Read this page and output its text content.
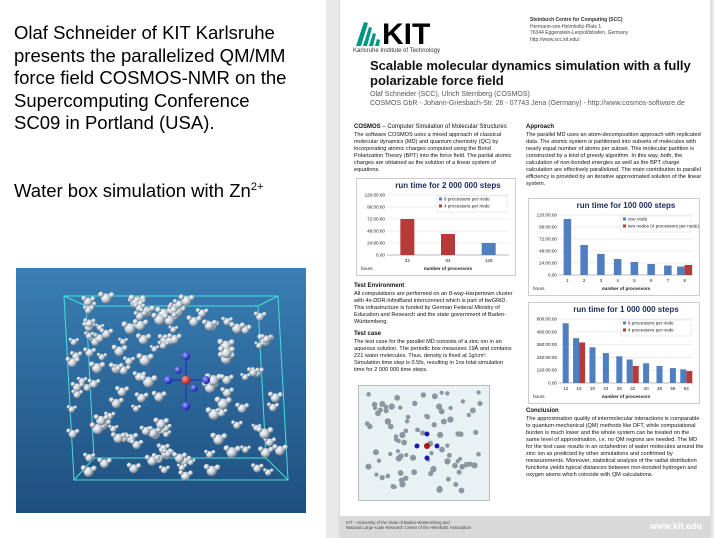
Olaf Schneider of KIT Karlsruhe

presents the parallelized QM/MM

force field COSMOS-NMR on the

Supercomputing Conference

SC09 in Portland (USA).

Water box simulation with $Zn^{2+}$
KIT
Karlsruhe Institute of Technology
Steinbuch Centre for Computing (SCC)
Hermann-von-Helmholtz-Platz 1
76344 Eggenstein-Leopoldshafen, Germany
http://www.scc.kit.edu/
Scalable molecular dynamics simulation with a fully polarizable force field
Olaf Schneider (SCC), Ulrich Sternberg (COSMOS)
COSMOS GbR - Johann-Griesbach-Str. 26 - 07743 Jena (Germany) - http://www.cosmos-software.de
COSMOS – Computer Simulation of Molecular Structures
The software COSMOS uses a mixed approach of classical molecular dynamics (MD) and quantum chemistry (QC) by incorporating atomic charges computed using the Bond Polarization Theory (BPT) into the force field. The partial atomic charges are obtained as the solution of a linear system of equations.
run time for 2 000 000 steps
0.00
24:00:00
48:00:00
72:00:00
96:00:00
120:00:00
32	64	128
number of processors
hours
8 processors per node
4 processors per node
Test Environment
All computations are performed on an 8-way-Harpertown cluster with 4x-DDR-InfiniBand interconnect which is part of bwGRiD. This infrastructure is funded by German Federal Ministry of Education and Research and the state government of Baden-Württemberg.
Test case
The test case for the parallel MD consists of a zinc ion in an aqueous solution. The periodic box measures 19Å and contains 221 water molecules. Thus, density is fixed at 1g/cm³. Simulation time step is 0.5fs, resulting in 1ns total simulation time for 2 000 000 time steps.
Approach
The parallel MD uses an atom-decomposition approach with replicated data. The atomic system is partitioned into subsets of molecules with nearly equal number of atoms per subset. This molecular partition is constructed by a kind of greedy algorithm. In this way, both, the calculation of non-bonded energies as well as the BPT charge calculation are effectively parallelized. The main contribution to parallel efficiency is provided by an iterative approximated solution of the linear system.
run time for 100 000 steps
0.00
24:00:00
48:00:00
72:00:00
96:00:00
120:00:00
1	2	3	4	5	6	7	8
number of processors
hours
one node
two nodes (4 processors per node)
run time for 1 000 000 steps
0.00
120:00:00
240:00:00
360:00:00
480:00:00
600:00:00
12 16 20 24 28 32 40 48 56 64
number of processors
hours
8 processors per node
4 processors per node
Conclusion
The approximation quality of intermolecular interactions is comparable to quantum-mechanical (QM) methods like DFT, while computational burden is much lower and the whole system can be treated on the same level of approximation, i.e. no QM regions are needed. The MD for the test case results in an octahedron of water molecules around the zinc ion as predicted by other simulations and confirmed by measurements. Moreover, statistical analysis of the radial distribution functions yields typical distances between non-bonded hydrogen and oxygen atoms which coincide with QM calculations.
KIT – University of the State of Baden-Württemberg and
National Large-scale Research Center of the Helmholtz Association	www.kit.edu
